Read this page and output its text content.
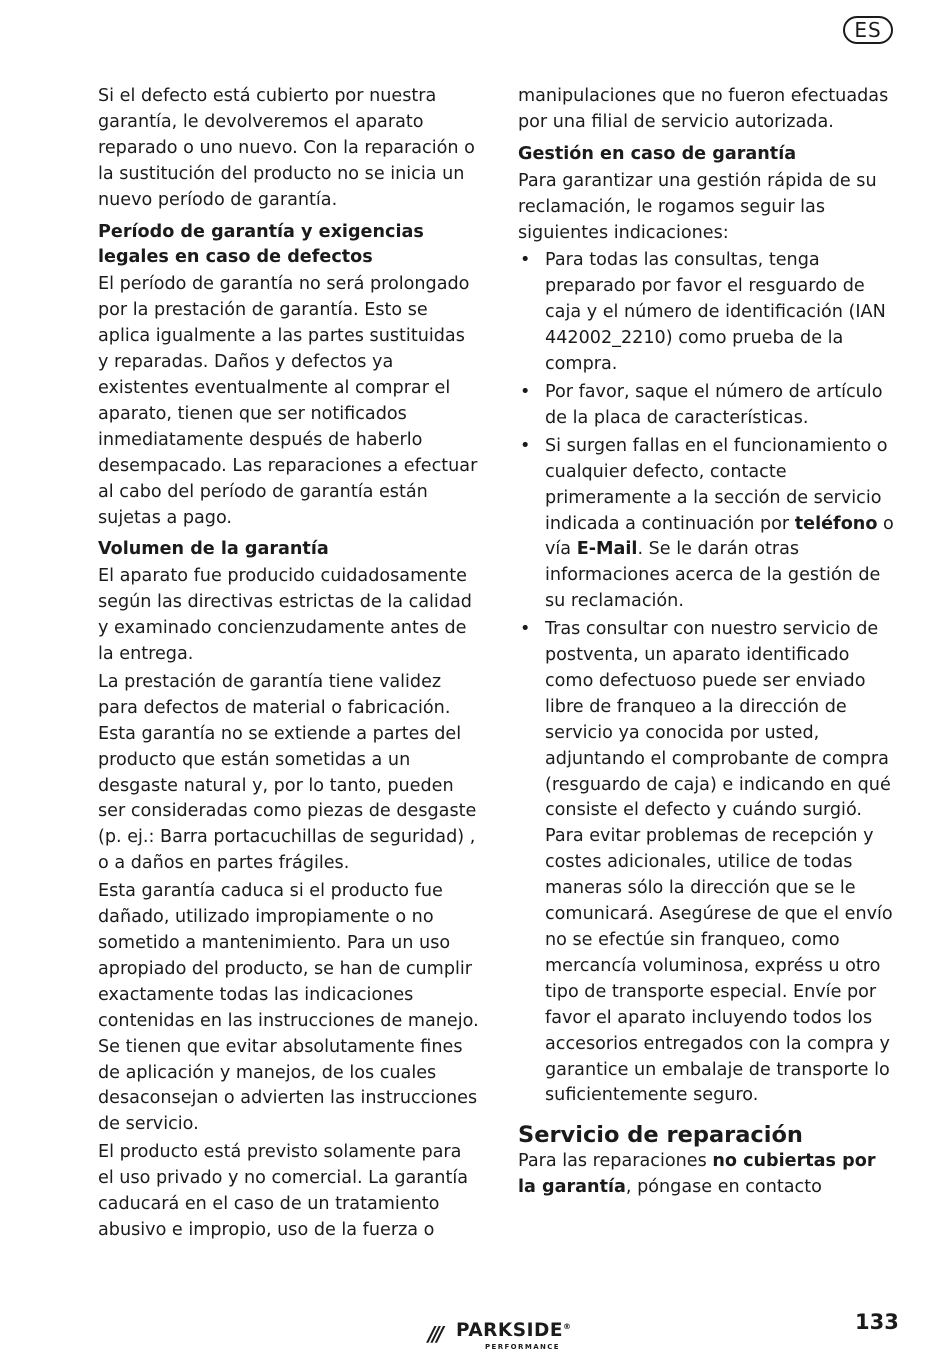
ES

Si el defecto está cubierto por nuestra garantía, le devolveremos el aparato reparado o uno nuevo. Con la reparación o la sustitución del producto no se inicia un nuevo período de garantía.

Período de garantía y exigencias legales en caso de defectos

El período de garantía no será prolongado por la prestación de garantía. Esto se aplica igualmente a las partes sustituidas y reparadas. Daños y defectos ya existentes eventualmente al comprar el aparato, tienen que ser notificados inmediatamente después de haberlo desempacado. Las reparaciones a efectuar al cabo del período de garantía están sujetas a pago.

Volumen de la garantía

El aparato fue producido cuidadosamente según las directivas estrictas de la calidad y examinado concienzudamente antes de la entrega.

La prestación de garantía tiene validez para defectos de material o fabricación. Esta garantía no se extiende a partes del producto que están sometidas a un desgaste natural y, por lo tanto, pueden ser consideradas como piezas de desgaste (p. ej.: Barra portacuchillas de seguridad) , o a daños en partes frágiles.

Esta garantía caduca si el producto fue dañado, utilizado impropiamente o no sometido a mantenimiento. Para un uso apropiado del producto, se han de cumplir exactamente todas las indicaciones contenidas en las instrucciones de manejo. Se tienen que evitar absolutamente fines de aplicación y manejos, de los cuales desaconsejan o advierten las instrucciones de servicio.

El producto está previsto solamente para el uso privado y no comercial. La garantía caducará en el caso de un tratamiento abusivo e impropio, uso de la fuerza o

manipulaciones que no fueron efectuadas por una filial de servicio autorizada.

Gestión en caso de garantía

Para garantizar una gestión rápida de su reclamación, le rogamos seguir las siguientes indicaciones:

• Para todas las consultas, tenga preparado por favor el resguardo de caja y el número de identificación (IAN 442002_2210) como prueba de la compra.
• Por favor, saque el número de artículo de la placa de características.
• Si surgen fallas en el funcionamiento o cualquier defecto, contacte primeramente a la sección de servicio indicada a continuación por teléfono o vía E-Mail. Se le darán otras informaciones acerca de la gestión de su reclamación.
• Tras consultar con nuestro servicio de postventa, un aparato identificado como defectuoso puede ser enviado libre de franqueo a la dirección de servicio ya conocida por usted, adjuntando el comprobante de compra (resguardo de caja) e indicando en qué consiste el defecto y cuándo surgió. Para evitar problemas de recepción y costes adicionales, utilice de todas maneras sólo la dirección que se le comunicará. Asegúrese de que el envío no se efectúe sin franqueo, como mercancía voluminosa, expréss u otro tipo de transporte especial. Envíe por favor el aparato incluyendo todos los accesorios entregados con la compra y garantice un embalaje de transporte lo suficientemente seguro.
Servicio de reparación

Para las reparaciones no cubiertas por la garantía, póngase en contacto

/// PARKSIDE®
PERFORMANCE
133
